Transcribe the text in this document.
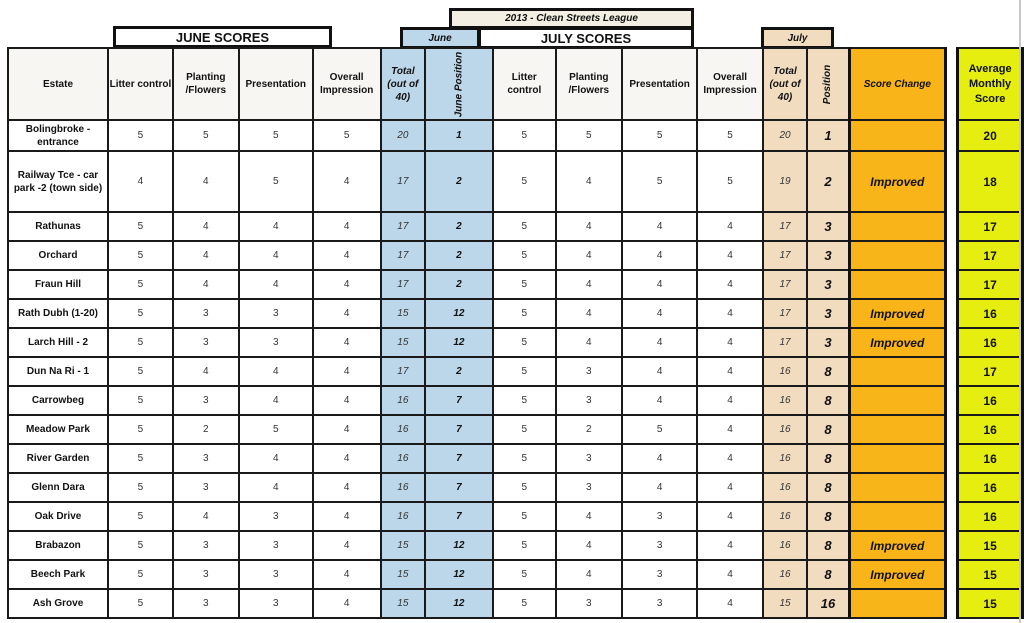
2013 - Clean Streets League
JUNE SCORES	June	JULY SCORES	July
Estate	Litter control	Planting /Flowers	Presentation	Overall Impression	Total (out of 40)	June Position	Litter control	Planting /Flowers	Presentation	Overall Impression	Total (out of 40)	Position	Score Change		Average Monthly Score
Bolingbroke -entrance	5	5	5	5	20	1	5	5	5	5	20	1			20
Railway Tce - car park -2 (town side)	4	4	5	4	17	2	5	4	5	5	19	2	Improved		18
Rathunas	5	4	4	4	17	2	5	4	4	4	17	3			17
Orchard	5	4	4	4	17	2	5	4	4	4	17	3			17
Fraun Hill	5	4	4	4	17	2	5	4	4	4	17	3			17
Rath Dubh (1-20)	5	3	3	4	15	12	5	4	4	4	17	3	Improved		16
Larch Hill - 2	5	3	3	4	15	12	5	4	4	4	17	3	Improved		16
Dun Na Ri - 1	5	4	4	4	17	2	5	3	4	4	16	8			17
Carrowbeg	5	3	4	4	16	7	5	3	4	4	16	8			16
Meadow Park	5	2	5	4	16	7	5	2	5	4	16	8			16
River Garden	5	3	4	4	16	7	5	3	4	4	16	8			16
Glenn Dara	5	3	4	4	16	7	5	3	4	4	16	8			16
Oak Drive	5	4	3	4	16	7	5	4	3	4	16	8			16
Brabazon	5	3	3	4	15	12	5	4	3	4	16	8	Improved		15
Beech Park	5	3	3	4	15	12	5	4	3	4	16	8	Improved		15
Ash Grove	5	3	3	4	15	12	5	3	3	4	15	16			15
